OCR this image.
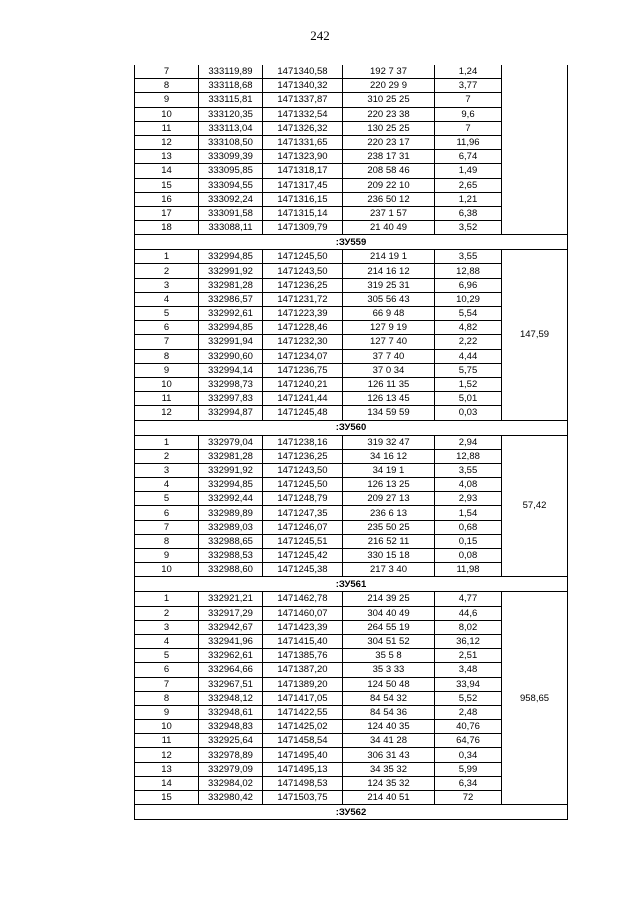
242
7	333119,89	1471340,58	192 7 37	1,24	
8	333118,68	1471340,32	220 29 9	3,77	
9	333115,81	1471337,87	310 25 25	7	
10	333120,35	1471332,54	220 23 38	9,6	
11	333113,04	1471326,32	130 25 25	7	
12	333108,50	1471331,65	220 23 17	11,96	
13	333099,39	1471323,90	238 17 31	6,74	
14	333095,85	1471318,17	208 58 46	1,49	
15	333094,55	1471317,45	209 22 10	2,65	
16	333092,24	1471316,15	236 50 12	1,21	
17	333091,58	1471315,14	237 1 57	6,38	
18	333088,11	1471309,79	21 40 49	3,52	
:ЗУ559					
1	332994,85	1471245,50	214 19 1	3,55	147,59
2	332991,92	1471243,50	214 16 12	12,88	
3	332981,28	1471236,25	319 25 31	6,96	
4	332986,57	1471231,72	305 56 43	10,29	
5	332992,61	1471223,39	66 9 48	5,54	
6	332994,85	1471228,46	127 9 19	4,82	
7	332991,94	1471232,30	127 7 40	2,22	
8	332990,60	1471234,07	37 7 40	4,44	
9	332994,14	1471236,75	37 0 34	5,75	
10	332998,73	1471240,21	126 11 35	1,52	
11	332997,83	1471241,44	126 13 45	5,01	
12	332994,87	1471245,48	134 59 59	0,03	
:ЗУ560					
1	332979,04	1471238,16	319 32 47	2,94	57,42
2	332981,28	1471236,25	34 16 12	12,88	
3	332991,92	1471243,50	34 19 1	3,55	
4	332994,85	1471245,50	126 13 25	4,08	
5	332992,44	1471248,79	209 27 13	2,93	
6	332989,89	1471247,35	236 6 13	1,54	
7	332989,03	1471246,07	235 50 25	0,68	
8	332988,65	1471245,51	216 52 11	0,15	
9	332988,53	1471245,42	330 15 18	0,08	
10	332988,60	1471245,38	217 3 40	11,98	
:ЗУ561					
1	332921,21	1471462,78	214 39 25	4,77	958,65
2	332917,29	1471460,07	304 40 49	44,6	
3	332942,67	1471423,39	264 55 19	8,02	
4	332941,96	1471415,40	304 51 52	36,12	
5	332962,61	1471385,76	35 5 8	2,51	
6	332964,66	1471387,20	35 3 33	3,48	
7	332967,51	1471389,20	124 50 48	33,94	
8	332948,12	1471417,05	84 54 32	5,52	
9	332948,61	1471422,55	84 54 36	2,48	
10	332948,83	1471425,02	124 40 35	40,76	
11	332925,64	1471458,54	34 41 28	64,76	
12	332978,89	1471495,40	306 31 43	0,34	
13	332979,09	1471495,13	34 35 32	5,99	
14	332984,02	1471498,53	124 35 32	6,34	
15	332980,42	1471503,75	214 40 51	72	
:ЗУ562					
